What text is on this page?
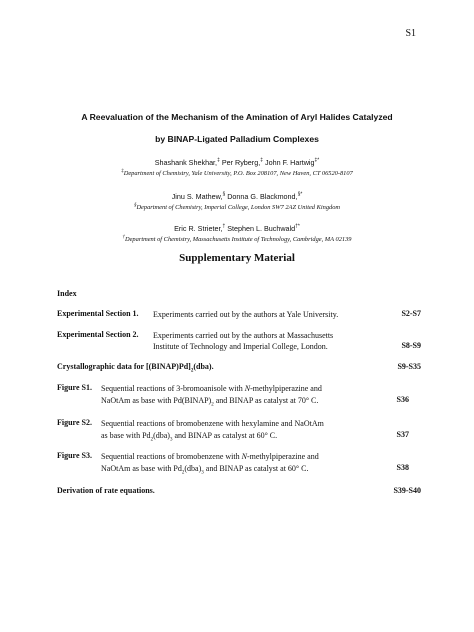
S1
A Reevaluation of the Mechanism of the Amination of Aryl Halides Catalyzed
by BINAP-Ligated Palladium Complexes
Shashank Shekhar,‡ Per Ryberg,‡ John F. Hartwig‡*
‡Department of Chemistry, Yale University, P.O. Box 208107, New Haven, CT 06520-8107
Jinu S. Mathew,§ Donna G. Blackmond,§*
§Department of Chemistry, Imperial College, London SW7 2AZ United Kingdom
Eric R. Strieter,† Stephen L. Buchwald†*
†Department of Chemistry, Massachusetts Institute of Technology, Cambridge, MA 02139
Supplementary Material
Index
Experimental Section 1. Experiments carried out by the authors at Yale University.	S2-S7
Experimental Section 2. Experiments carried out by the authors at Massachusetts
Institute of Technology and Imperial College, London.	S8-S9
Crystallographic data for $[(BINAP)Pd]_2(dba)$.	S9-S35
Figure S1. Sequential reactions of 3-bromoanisole with N-methylpiperazine and
NaOtAm as base with $Pd(BINAP)_2$ and BINAP as catalyst at 70° C.	S36
Figure S2. Sequential reactions of bromobenzene with hexylamine and NaOtAm
as base with $Pd_2(dba)_3$ and BINAP as catalyst at 60° C.	S37
Figure S3. Sequential reactions of bromobenzene with N-methylpiperazine and
NaOtAm as base with $Pd_2(dba)_3$ and BINAP as catalyst at 60° C.	S38
Derivation of rate equations.	S39-S40
